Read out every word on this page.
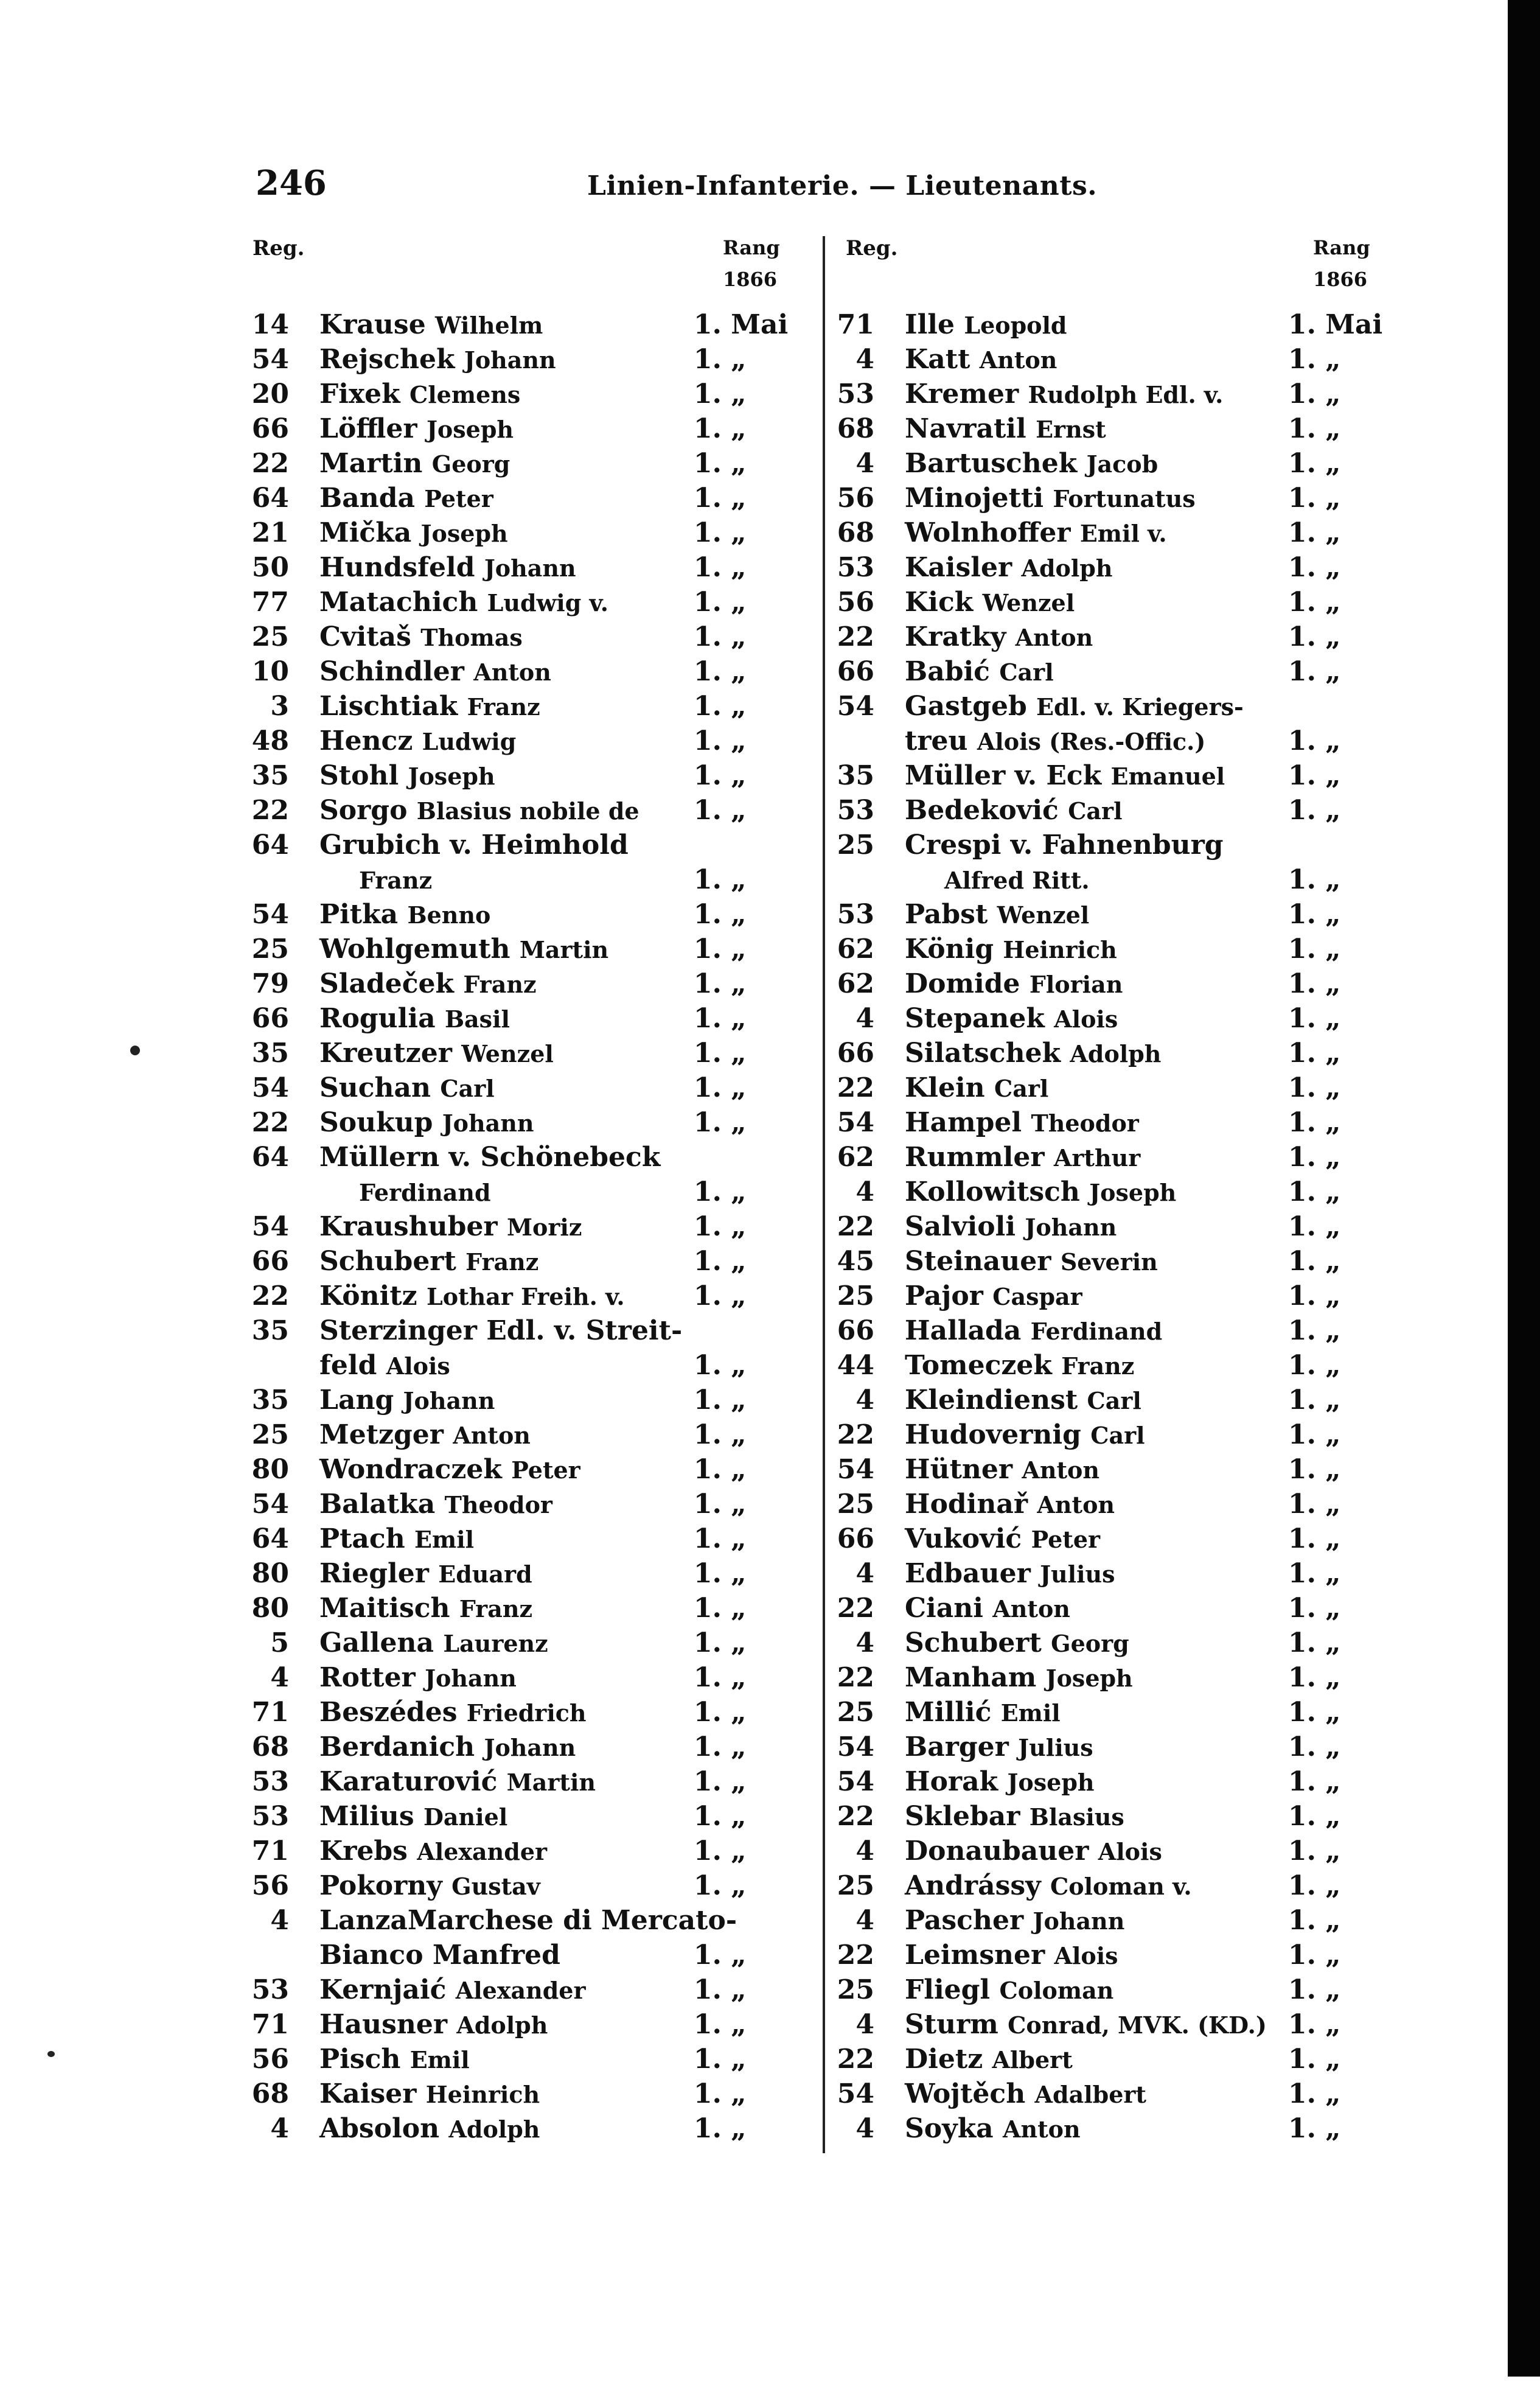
246	Linien-Infanterie. — Lieutenants.
Reg.	Rang
1866
Reg.	Rang
1866
14 Krause Wilhelm	1. Mai
54 Rejschek Johann	1. „
20 Fixek Clemens	1. „
66 Löffler Joseph	1. „
22 Martin Georg	1. „
64 Banda Peter	1. „
21 Mička Joseph	1. „
50 Hundsfeld Johann	1. „
77 Matachich Ludwig v.	1. „
25 Cvitaš Thomas	1. „
10 Schindler Anton	1. „
3 Lischtiak Franz	1. „
48 Hencz Ludwig	1. „
35 Stohl Joseph	1. „
22 Sorgo Blasius nobile de 1. „
64 Grubich v. Heimhold
Franz	1. „
54 Pitka Benno	1. „
25 Wohlgemuth Martin	1. „
79 Sladeček Franz	1. „
66 Rogulia Basil	1. „
35 Kreutzer Wenzel	1. „
54 Suchan Carl	1. „
22 Soukup Johann	1. „
64 Müllern v. Schönebeck
Ferdinand	1. „
54 Kraushuber Moriz	1. „
66 Schubert Franz	1. „
22 Könitz Lothar Freih. v.	1. „
35 Sterzinger Edl. v. Streit-
feld Alois	1. „
35 Lang Johann	1. „
25 Metzger Anton	1. „
80 Wondraczek Peter	1. „
54 Balatka Theodor	1. „
64 Ptach Emil	1. „
80 Riegler Eduard	1. „
80 Maitisch Franz	1. „
5 Gallena Laurenz	1. „
4 Rotter Johann	1. „
71 Beszédes Friedrich	1. „
68 Berdanich Johann	1. „
53 Karaturović Martin	1. „
53 Milius Daniel	1. „
71 Krebs Alexander	1. „
56 Pokorny Gustav	1. „
4 LanzaMarchese di Mercato-
Bianco Manfred	1. „
53 Kernjaić Alexander	1. „
71 Hausner Adolph	1. „
56 Pisch Emil	1. „
68 Kaiser Heinrich	1. „
4 Absolon Adolph	1. „
71 Ille Leopold	1. Mai
4 Katt Anton	1. „
53 Kremer Rudolph Edl. v. 1. „
68 Navratil Ernst	1. „
4 Bartuschek Jacob	1. „
56 Minojetti Fortunatus	1. „
68 Wolnhoffer Emil v.	1. „
53 Kaisler Adolph	1. „
56 Kick Wenzel	1. „
22 Kratky Anton	1. „
66 Babić Carl	1. „
54 Gastgeb Edl. v. Kriegers-
treu Alois (Res.-Offic.)	1. „
35 Müller v. Eck Emanuel 1. „
53 Bedeković Carl	1. „
25 Crespi v. Fahnenburg
Alfred Ritt.	1. „
53 Pabst Wenzel	1. „
62 König Heinrich	1. „
62 Domide Florian	1. „
4 Stepanek Alois	1. „
66 Silatschek Adolph	1. „
22 Klein Carl	1. „
54 Hampel Theodor	1. „
62 Rummler Arthur	1. „
4 Kollowitsch Joseph	1. „
22 Salvioli Johann	1. „
45 Steinauer Severin	1. „
25 Pajor Caspar	1. „
66 Hallada Ferdinand	1. „
44 Tomeczek Franz	1. „
4 Kleindienst Carl	1. „
22 Hudovernig Carl	1. „
54 Hütner Anton	1. „
25 Hodinař Anton	1. „
66 Vuković Peter	1. „
4 Edbauer Julius	1. „
22 Ciani Anton	1. „
4 Schubert Georg	1. „
22 Manham Joseph	1. „
25 Millić Emil	1. „
54 Barger Julius	1. „
54 Horak Joseph	1. „
22 Sklebar Blasius	1. „
4 Donaubauer Alois	1. „
25 Andrássy Coloman v.	1. „
4 Pascher Johann	1. „
22 Leimsner Alois	1. „
25 Fliegl Coloman	1. „
4 Sturm Conrad, MVK. (KD.) 1. „
22 Dietz Albert	1. „
54 Wojtěch Adalbert	1. „
4 Soyka Anton	1. „
